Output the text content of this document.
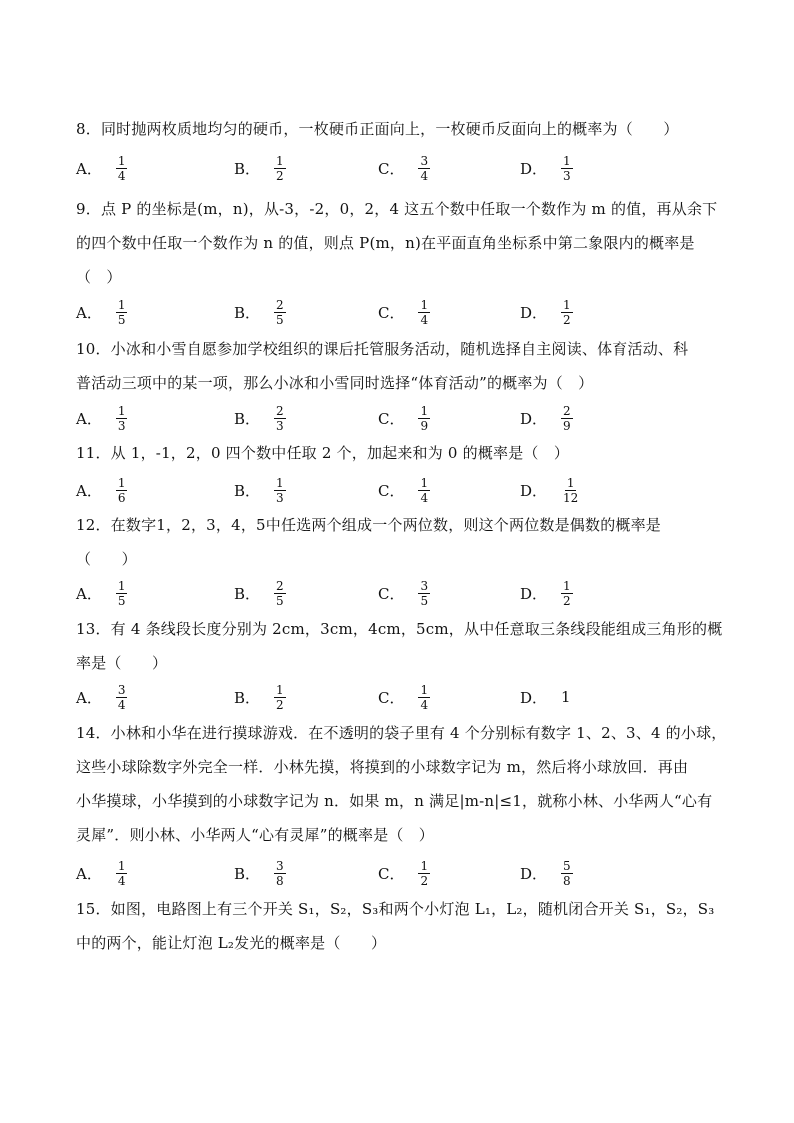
8．同时抛两枚质地均匀的硬币，一枚硬币正面向上，一枚硬币反面向上的概率为（　　）
A． $\frac{1}{4}$	B． $\frac{1}{2}$	C． $\frac{3}{4}$	D． $\frac{1}{3}$
9．点 P 的坐标是(m，n)，从-3，-2，0，2，4 这五个数中任取一个数作为 m 的值，再从余下
的四个数中任取一个数作为 n 的值，则点 P(m，n)在平面直角坐标系中第二象限内的概率是
（　）
A． $\frac{1}{5}$	B． $\frac{2}{5}$	C． $\frac{1}{4}$	D． $\frac{1}{2}$
10．小冰和小雪自愿参加学校组织的课后托管服务活动，随机选择自主阅读、体育活动、科
普活动三项中的某一项，那么小冰和小雪同时选择“体育活动”的概率为（　）
A． $\frac{1}{3}$	B． $\frac{2}{3}$	C． $\frac{1}{9}$	D． $\frac{2}{9}$
11．从 1，-1，2，0 四个数中任取 2 个，加起来和为 0 的概率是（　）
A． $\frac{1}{6}$	B． $\frac{1}{3}$	C． $\frac{1}{4}$	D． $\frac{1}{12}$
12．在数字1，2，3，4，5中任选两个组成一个两位数，则这个两位数是偶数的概率是
（　　）
A． $\frac{1}{5}$	B． $\frac{2}{5}$	C． $\frac{3}{5}$	D． $\frac{1}{2}$
13．有 4 条线段长度分别为 2cm，3cm，4cm，5cm，从中任意取三条线段能组成三角形的概
率是（　　）
A． $\frac{3}{4}$	B． $\frac{1}{2}$	C． $\frac{1}{4}$	D． 1
14．小林和小华在进行摸球游戏．在不透明的袋子里有 4 个分别标有数字 1、2、3、4 的小球，
这些小球除数字外完全一样．小林先摸，将摸到的小球数字记为 m，然后将小球放回．再由
小华摸球，小华摸到的小球数字记为 n．如果 m，n 满足|m-n|≤1，就称小林、小华两人“心有
灵犀”．则小林、小华两人“心有灵犀”的概率是（　）
A． $\frac{1}{4}$	B． $\frac{3}{8}$	C． $\frac{1}{2}$	D． $\frac{5}{8}$
15．如图，电路图上有三个开关 S₁，S₂，S₃和两个小灯泡 L₁，L₂，随机闭合开关 S₁，S₂，S₃
中的两个，能让灯泡 L₂发光的概率是（　　）
